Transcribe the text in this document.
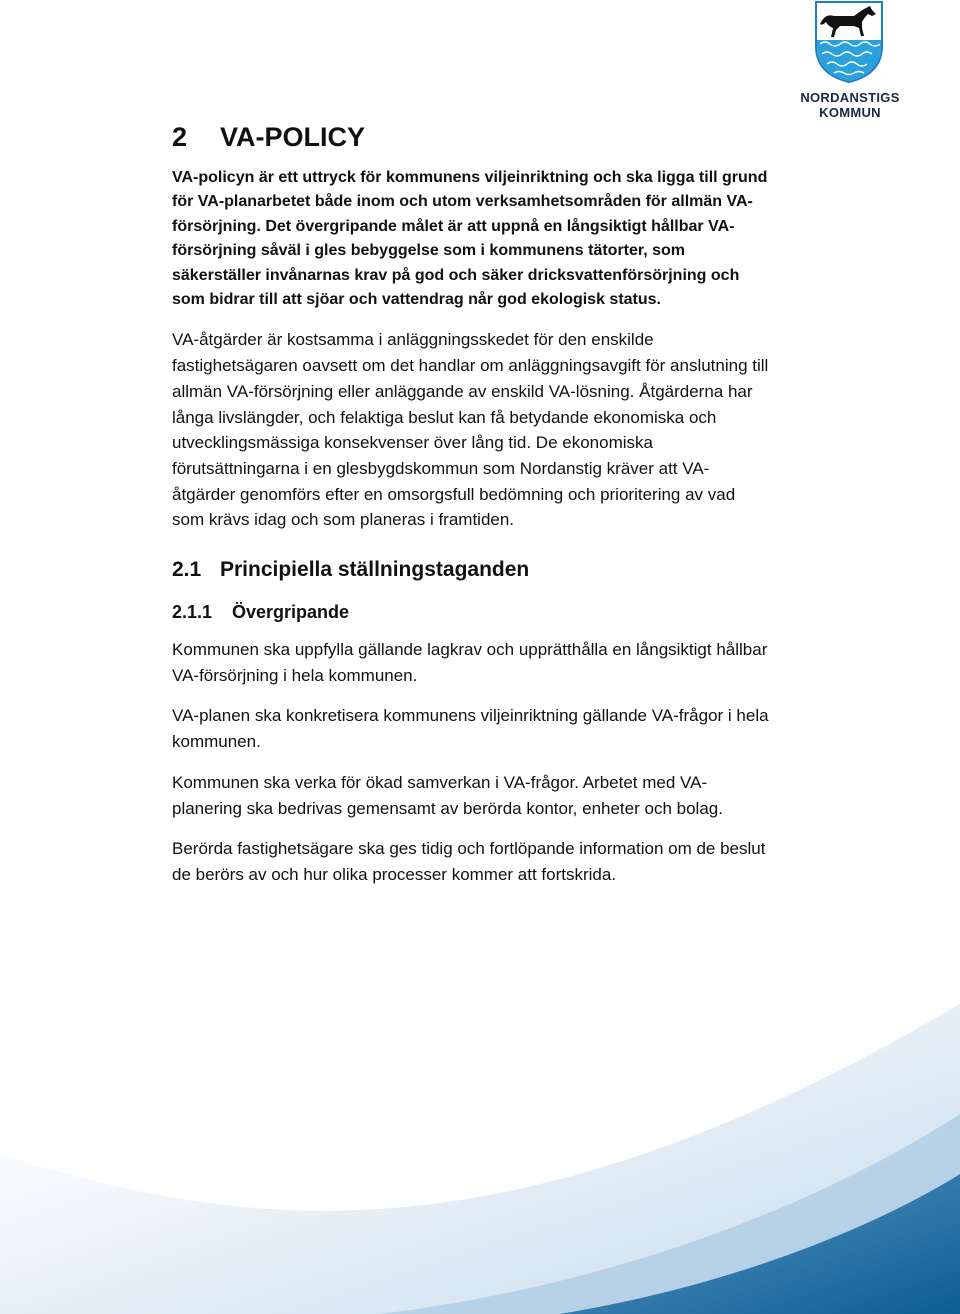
NORDANSTIGS
KOMMUN
2 VA-POLICY

VA-policyn är ett uttryck för kommunens viljeinriktning och ska ligga till grund för VA-planarbetet både inom och utom verksamhetsområden för allmän VA-försörjning. Det övergripande målet är att uppnå en långsiktigt hållbar VA-försörjning såväl i gles bebyggelse som i kommunens tätorter, som säkerställer invånarnas krav på god och säker dricksvattenförsörjning och som bidrar till att sjöar och vattendrag når god ekologisk status.

VA-åtgärder är kostsamma i anläggningsskedet för den enskilde fastighetsägaren oavsett om det handlar om anläggningsavgift för anslutning till allmän VA-försörjning eller anläggande av enskild VA-lösning. Åtgärderna har långa livslängder, och felaktiga beslut kan få betydande ekonomiska och utvecklingsmässiga konsekvenser över lång tid. De ekonomiska förutsättningarna i en glesbygdskommun som Nordanstig kräver att VA-åtgärder genomförs efter en omsorgsfull bedömning och prioritering av vad som krävs idag och som planeras i framtiden.

2.1 Principiella ställningstaganden
2.1.1 Övergripande

Kommunen ska uppfylla gällande lagkrav och upprätthålla en långsiktigt hållbar VA-försörjning i hela kommunen.

VA-planen ska konkretisera kommunens viljeinriktning gällande VA-frågor i hela kommunen.

Kommunen ska verka för ökad samverkan i VA-frågor. Arbetet med VA-planering ska bedrivas gemensamt av berörda kontor, enheter och bolag.

Berörda fastighetsägare ska ges tidig och fortlöpande information om de beslut de berörs av och hur olika processer kommer att fortskrida.
